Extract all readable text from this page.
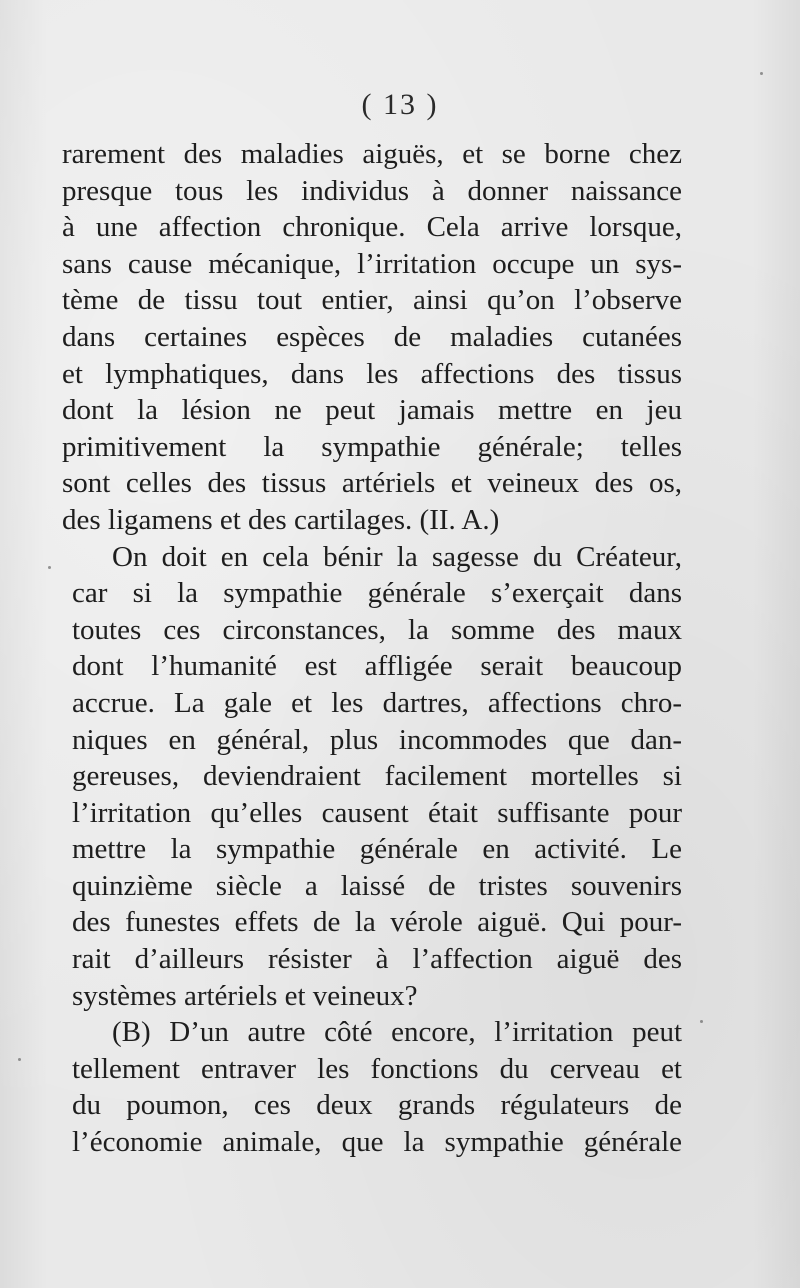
( 13 )
rarement des maladies aiguës, et se borne chez
presque tous les individus à donner naissance
à une affection chronique. Cela arrive lorsque,
sans cause mécanique, l’irritation occupe un sys-
tème de tissu tout entier, ainsi qu’on l’observe
dans certaines espèces de maladies cutanées
et lymphatiques, dans les affections des tissus
dont la lésion ne peut jamais mettre en jeu
primitivement la sympathie générale; telles
sont celles des tissus artériels et veineux des os,
des ligamens et des cartilages. (II. A.)
On doit en cela bénir la sagesse du Créateur,
car si la sympathie générale s’exerçait dans
toutes ces circonstances, la somme des maux
dont l’humanité est affligée serait beaucoup
accrue. La gale et les dartres, affections chro-
niques en général, plus incommodes que dan-
gereuses, deviendraient facilement mortelles si
l’irritation qu’elles causent était suffisante pour
mettre la sympathie générale en activité. Le
quinzième siècle a laissé de tristes souvenirs
des funestes effets de la vérole aiguë. Qui pour-
rait d’ailleurs résister à l’affection aiguë des
systèmes artériels et veineux?
(B) D’un autre côté encore, l’irritation peut
tellement entraver les fonctions du cerveau et
du poumon, ces deux grands régulateurs de
l’économie animale, que la sympathie générale
